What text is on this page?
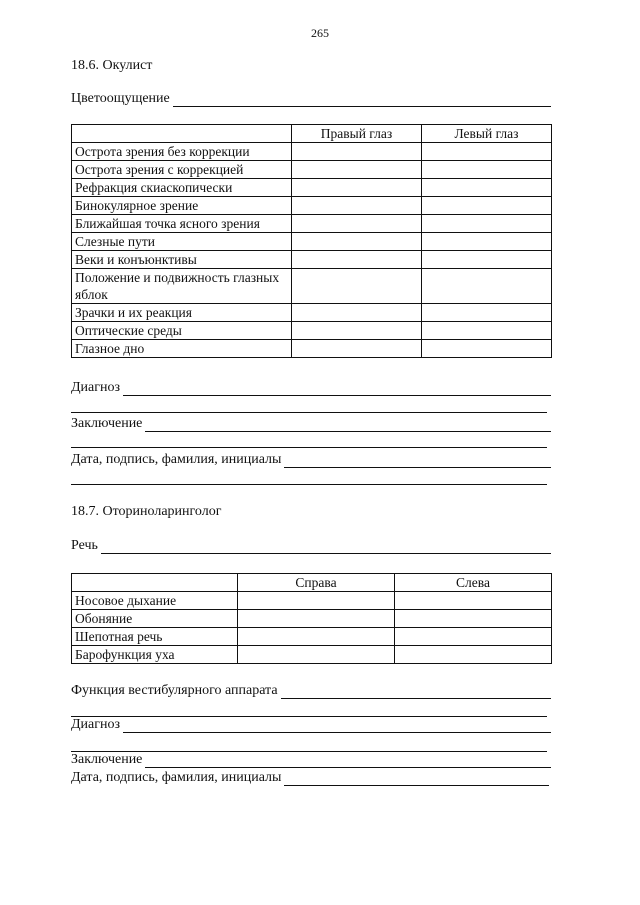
265
18.6. Окулист
Цветоощущение
	Правый глаз	Левый глаз
Острота зрения без коррекции		
Острота зрения с коррекцией		
Рефракция скиаскопически		
Бинокулярное зрение		
Ближайшая точка ясного зрения		
Слезные пути		
Веки и конъюнктивы		
Положение и подвижность глазных яблок		
Зрачки и их реакция		
Оптические среды		
Глазное дно		
Диагноз
Заключение
Дата, подпись, фамилия, инициалы
18.7. Оториноларинголог
Речь
	Справа	Слева
Носовое дыхание		
Обоняние		
Шепотная речь		
Барофункция уха		
Функция вестибулярного аппарата
Диагноз
Заключение
Дата, подпись, фамилия, инициалы
